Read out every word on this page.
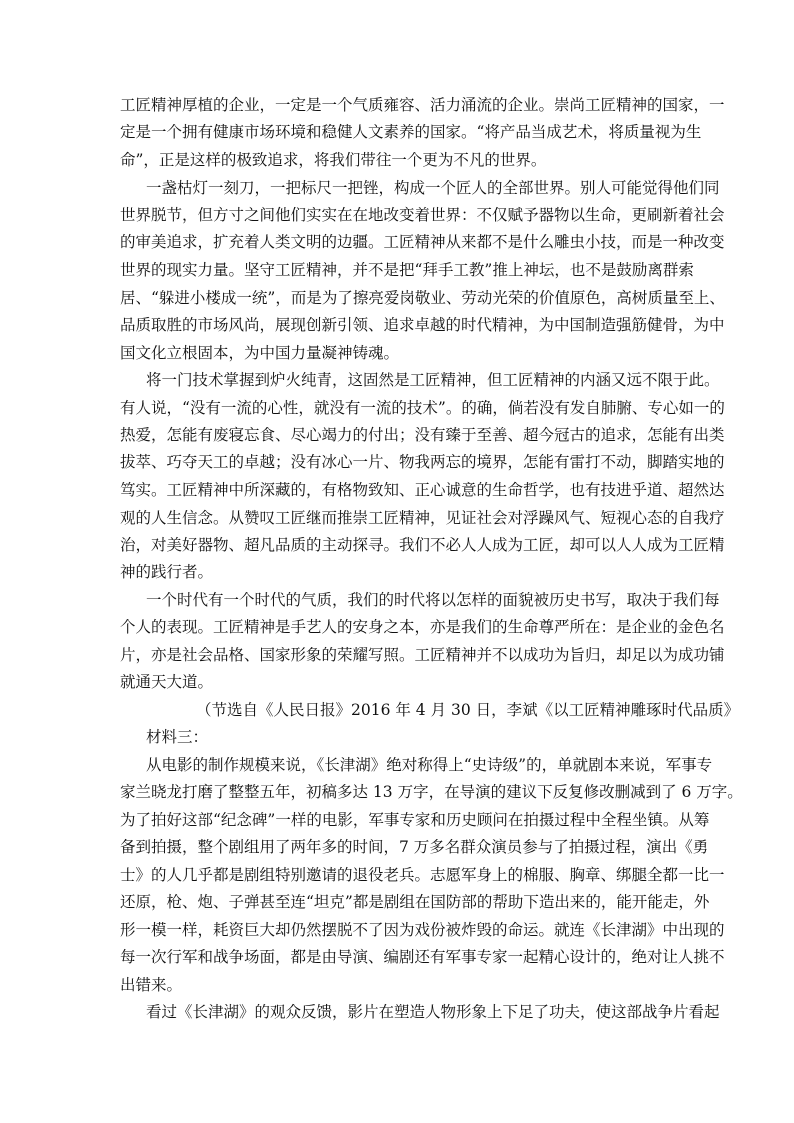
工匠精神厚植的企业，一定是一个气质雍容、活力涌流的企业。崇尚工匠精神的国家，一
定是一个拥有健康市场环境和稳健人文素养的国家。“将产品当成艺术，将质量视为生
命”，正是这样的极致追求，将我们带往一个更为不凡的世界。
一盏枯灯一刻刀，一把标尺一把锉，构成一个匠人的全部世界。别人可能觉得他们同
世界脱节，但方寸之间他们实实在在地改变着世界：不仅赋予器物以生命，更刷新着社会
的审美追求，扩充着人类文明的边疆。工匠精神从来都不是什么雕虫小技，而是一种改变
世界的现实力量。坚守工匠精神，并不是把“拜手工教”推上神坛，也不是鼓励离群索
居、“躲进小楼成一统”，而是为了擦亮爱岗敬业、劳动光荣的价值原色，高树质量至上、
品质取胜的市场风尚，展现创新引领、追求卓越的时代精神，为中国制造强筋健骨，为中
国文化立根固本，为中国力量凝神铸魂。
将一门技术掌握到炉火纯青，这固然是工匠精神，但工匠精神的内涵又远不限于此。
有人说，“没有一流的心性，就没有一流的技术”。的确，倘若没有发自肺腑、专心如一的
热爱，怎能有废寝忘食、尽心竭力的付出；没有臻于至善、超今冠古的追求，怎能有出类
拔萃、巧夺天工的卓越；没有冰心一片、物我两忘的境界，怎能有雷打不动，脚踏实地的
笃实。工匠精神中所深藏的，有格物致知、正心诚意的生命哲学，也有技进乎道、超然达
观的人生信念。从赞叹工匠继而推崇工匠精神，见证社会对浮躁风气、短视心态的自我疗
治，对美好器物、超凡品质的主动探寻。我们不必人人成为工匠，却可以人人成为工匠精
神的践行者。
一个时代有一个时代的气质，我们的时代将以怎样的面貌被历史书写，取决于我们每
个人的表现。工匠精神是手艺人的安身之本，亦是我们的生命尊严所在：是企业的金色名
片，亦是社会品格、国家形象的荣耀写照。工匠精神并不以成功为旨归，却足以为成功铺
就通天大道。
（节选自《人民日报》2016 年 4 月 30 日，李斌《以工匠精神雕琢时代品质》
材料三：
从电影的制作规模来说，《长津湖》绝对称得上“史诗级”的，单就剧本来说，军事专
家兰晓龙打磨了整整五年，初稿多达 13 万字，在导演的建议下反复修改删减到了 6 万字。
为了拍好这部“纪念碑”一样的电影，军事专家和历史顾问在拍摄过程中全程坐镇。从筹
备到拍摄，整个剧组用了两年多的时间，7 万多名群众演员参与了拍摄过程，演出《勇
士》的人几乎都是剧组特别邀请的退役老兵。志愿军身上的棉服、胸章、绑腿全都一比一
还原，枪、炮、子弹甚至连“坦克”都是剧组在国防部的帮助下造出来的，能开能走，外
形一模一样，耗资巨大却仍然摆脱不了因为戏份被炸毁的命运。就连《长津湖》中出现的
每一次行军和战争场面，都是由导演、编剧还有军事专家一起精心设计的，绝对让人挑不
出错来。
看过《长津湖》的观众反馈，影片在塑造人物形象上下足了功夫，使这部战争片看起
